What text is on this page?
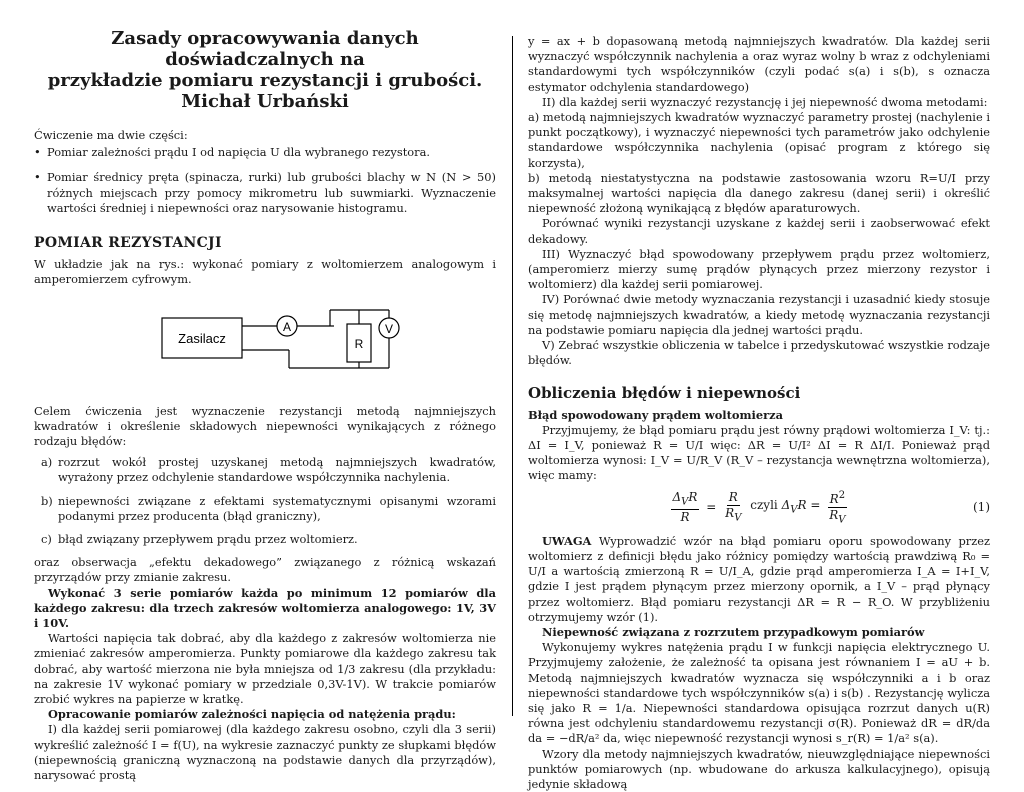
Zasady opracowywania danych doświadczalnych na
przykładzie pomiaru rezystancji i grubości.
Michał Urbański

Ćwiczenie ma dwie części:

• Pomiar zależności prądu I od napięcia U dla wybranego rezystora.
• Pomiar średnicy pręta (spinacza, rurki) lub grubości blachy w N (N > 50) różnych miejscach przy pomocy mikrometru lub suwmiarki. Wyznaczenie wartości średniej i niepewności oraz narysowanie histogramu.
POMIAR REZYSTANCJI

W układzie jak na rys.: wykonać pomiary z woltomierzem analogowym i amperomierzem cyfrowym.

Zasilacz
A
R
V

Celem ćwiczenia jest wyznaczenie rezystancji metodą najmniejszych kwadratów i określenie składowych niepewności wynikających z różnego rodzaju błędów:

a) rozrzut wokół prostej uzyskanej metodą najmniejszych kwadratów, wyrażony przez odchylenie standardowe współczynnika nachylenia.
b) niepewności związane z efektami systematycznymi opisanymi wzorami podanymi przez producenta (błąd graniczny),
c) błąd związany przepływem prądu przez woltomierz.

oraz obserwacja „efektu dekadowego” związanego z różnicą wskazań przyrządów przy zmianie zakresu.

Wykonać 3 serie pomiarów każda po minimum 12 pomiarów dla każdego zakresu: dla trzech zakresów woltomierza analogowego: 1V, 3V i 10V.

Wartości napięcia tak dobrać, aby dla każdego z zakresów woltomierza nie zmieniać zakresów amperomierza. Punkty pomiarowe dla każdego zakresu tak dobrać, aby wartość mierzona nie była mniejsza od 1/3 zakresu (dla przykładu: na zakresie 1V wykonać pomiary w przedziale 0,3V-1V). W trakcie pomiarów zrobić wykres na papierze w kratkę.

Opracowanie pomiarów zależności napięcia od natężenia prądu:

I) dla każdej serii pomiarowej (dla każdego zakresu osobno, czyli dla 3 serii) wykreślić zależność I = f(U), na wykresie zaznaczyć punkty ze słupkami błędów (niepewnością graniczną wyznaczoną na podstawie danych dla przyrządów), narysować prostą

y = ax + b dopasowaną metodą najmniejszych kwadratów. Dla każdej serii wyznaczyć współczynnik nachylenia a oraz wyraz wolny b wraz z odchyleniami standardowymi tych współczynników (czyli podać s(a) i s(b), s oznacza estymator odchylenia standardowego)

II) dla każdej serii wyznaczyć rezystancję i jej niepewność dwoma metodami:

a) metodą najmniejszych kwadratów wyznaczyć parametry prostej (nachylenie i punkt początkowy), i wyznaczyć niepewności tych parametrów jako odchylenie standardowe współczynnika nachylenia (opisać program z którego się korzysta),

b) metodą niestatystyczna na podstawie zastosowania wzoru R=U/I przy maksymalnej wartości napięcia dla danego zakresu (danej serii) i określić niepewność złożoną wynikającą z błędów aparaturowych.

Porównać wyniki rezystancji uzyskane z każdej serii i zaobserwować efekt dekadowy.

III) Wyznaczyć błąd spowodowany przepływem prądu przez woltomierz, (amperomierz mierzy sumę prądów płynących przez mierzony rezystor i woltomierz) dla każdej serii pomiarowej.

IV) Porównać dwie metody wyznaczania rezystancji i uzasadnić kiedy stosuje się metodę najmniejszych kwadratów, a kiedy metodę wyznaczania rezystancji na podstawie pomiaru napięcia dla jednej wartości prądu.

V) Zebrać wszystkie obliczenia w tabelce i przedyskutować wszystkie rodzaje błędów.

Obliczenia błędów i niepewności

Błąd spowodowany prądem woltomierza

Przyjmujemy, że błąd pomiaru prądu jest równy prądowi woltomierza I_V: tj.: ΔI = I_V, ponieważ R = U/I więc: ΔR = U/I² ΔI = R ΔI/I. Ponieważ prąd woltomierza wynosi: I_V = U/R_V (R_V – rezystancja wewnętrzna woltomierza), więc mamy:

$\frac{\Delta_VR}{R} = \frac{R}{R_V}$ czyli $\Delta_VR = \frac{R^2}{R_V}$	(1)

UWAGA Wyprowadzić wzór na błąd pomiaru oporu spowodowany przez woltomierz z definicji błędu jako różnicy pomiędzy wartością prawdziwą R₀ = U/I a wartością zmierzoną R = U/I_A, gdzie prąd amperomierza I_A = I+I_V, gdzie I jest prądem płynącym przez mierzony opornik, a I_V – prąd płynący przez woltomierz. Błąd pomiaru rezystancji ΔR = R − R_O. W przybliżeniu otrzymujemy wzór (1).

Niepewność związana z rozrzutem przypadkowym pomiarów

Wykonujemy wykres natężenia prądu I w funkcji napięcia elektrycznego U. Przyjmujemy założenie, że zależność ta opisana jest równaniem I = aU + b. Metodą najmniejszych kwadratów wyznacza się współczynniki a i b oraz niepewności standardowe tych współczynników s(a) i s(b) . Rezystancję wylicza się jako R = 1/a. Niepewności standardowa opisująca rozrzut danych u(R) równa jest odchyleniu standardowemu rezystancji σ(R). Ponieważ dR = dR/da da = −dR/a² da, więc niepewność rezystancji wynosi s_r(R) = 1/a² s(a).

Wzory dla metody najmniejszych kwadratów, nieuwzględniające niepewności punktów pomiarowych (np. wbudowane do arkusza kalkulacyjnego), opisują jedynie składową
